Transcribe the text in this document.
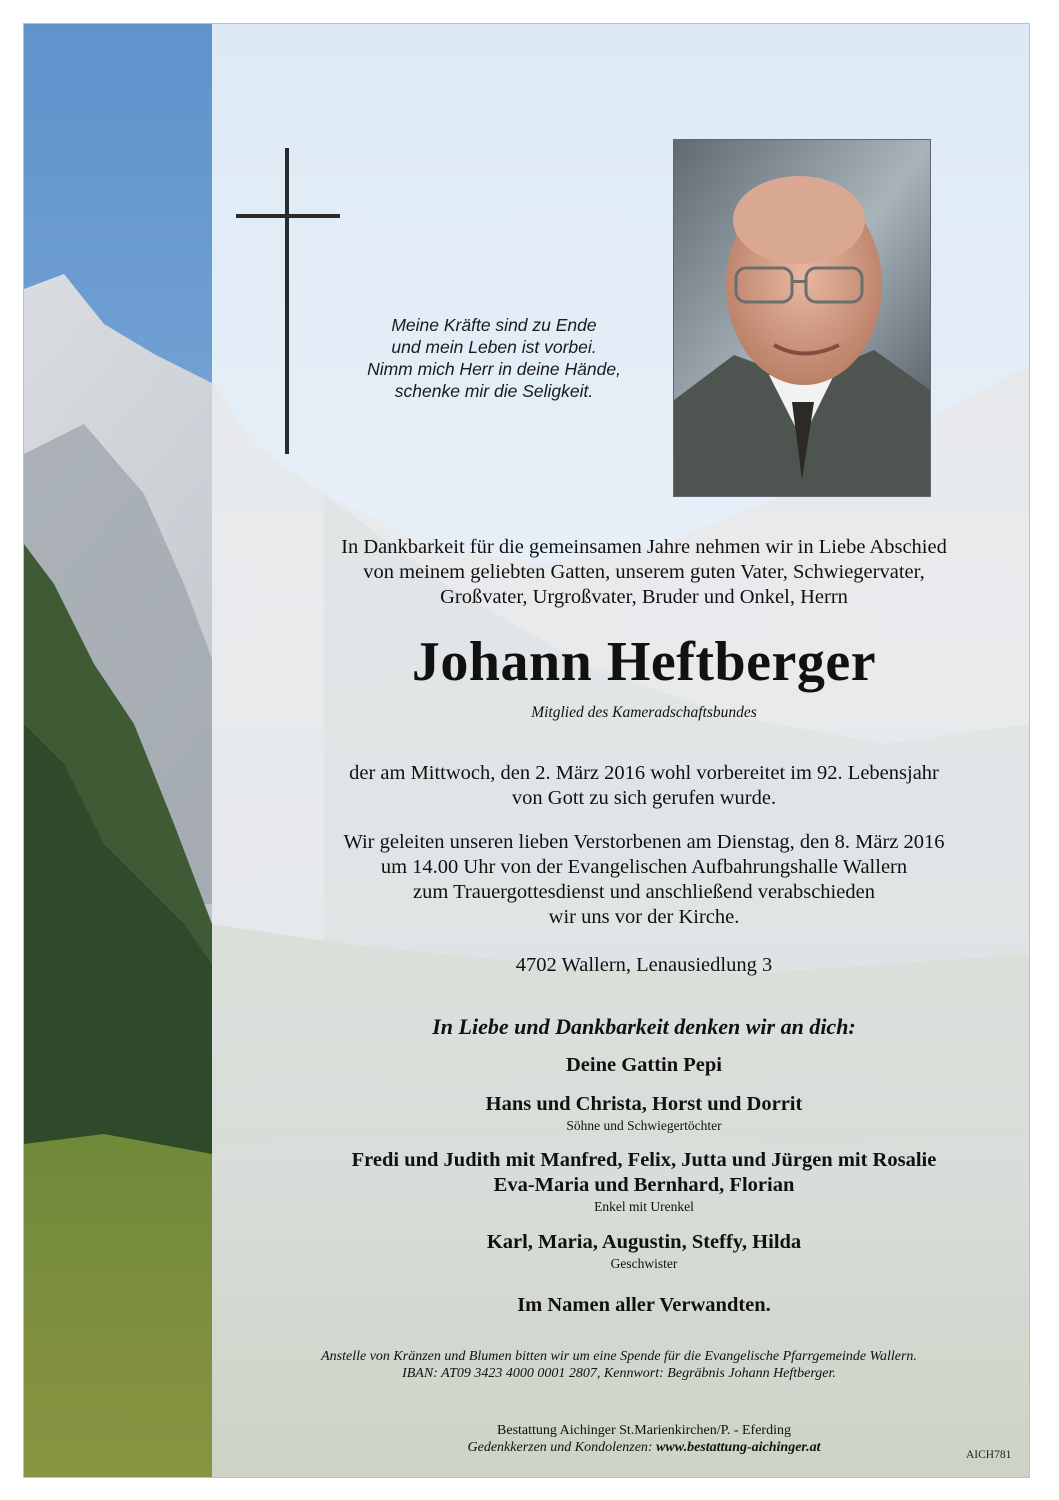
Meine Kräfte sind zu Ende
und mein Leben ist vorbei.
Nimm mich Herr in deine Hände,
schenke mir die Seligkeit.
In Dankbarkeit für die gemeinsamen Jahre nehmen wir in Liebe Abschied
von meinem geliebten Gatten, unserem guten Vater, Schwiegervater,
Großvater, Urgroßvater, Bruder und Onkel, Herrn
Johann Heftberger
Mitglied des Kameradschaftsbundes
der am Mittwoch, den 2. März 2016 wohl vorbereitet im 92. Lebensjahr
von Gott zu sich gerufen wurde.
Wir geleiten unseren lieben Verstorbenen am Dienstag, den 8. März 2016
um 14.00 Uhr von der Evangelischen Aufbahrungshalle Wallern
zum Trauergottesdienst und anschließend verabschieden
wir uns vor der Kirche.
4702 Wallern, Lenausiedlung 3
In Liebe und Dankbarkeit denken wir an dich:
Deine Gattin Pepi
Hans und Christa, Horst und Dorrit
Söhne und Schwiegertöchter
Fredi und Judith mit Manfred, Felix, Jutta und Jürgen mit Rosalie
Eva-Maria und Bernhard, Florian
Enkel mit Urenkel
Karl, Maria, Augustin, Steffy, Hilda
Geschwister
Im Namen aller Verwandten.
Anstelle von Kränzen und Blumen bitten wir um eine Spende für die Evangelische Pfarrgemeinde Wallern.
IBAN: AT09 3423 4000 0001 2807, Kennwort: Begräbnis Johann Heftberger.
Bestattung Aichinger St.Marienkirchen/P. - Eferding
Gedenkkerzen und Kondolenzen: www.bestattung-aichinger.at	AICH781
